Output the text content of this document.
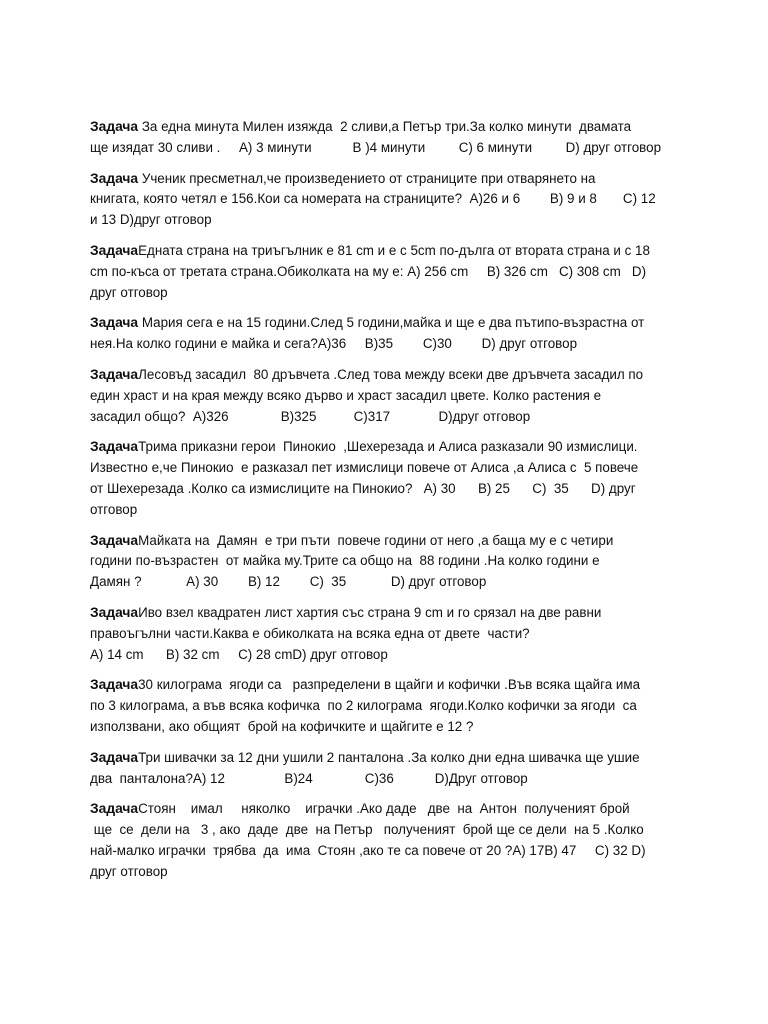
Задача За една минута Милен изяжда  2 сливи,а Петър три.За колко минути  двамата
ще изядат 30 сливи .     А) 3 минути           В )4 минути         С) 6 минути         D) друг отговор
Задача Ученик пресметнал,че произведението от страниците при отварянето на
книгата, която четял е 156.Кои са номерата на страниците?  А)26 и 6        В) 9 и 8       С) 12
и 13 D)друг отговор
ЗадачаЕдната страна на триъгълник е 81 cm и е с 5cm по-дълга от втората страна и с 18
cm по-къса от третата страна.Обиколката на му е: А) 256 cm     В) 326 cm   С) 308 cm   D)
друг отговор
Задача Мария сега е на 15 години.След 5 години,майка и ще е два пътипо-възрастна от
нея.На колко години е майка и сега?А)36     В)35        С)30        D) друг отговор
ЗадачаЛесовъд засадил  80 дръвчета .След това между всеки две дръвчета засадил по
един храст и на края между всяко дърво и храст засадил цвете. Колко растения е
засадил общо?  А)326              В)325          С)317             D)друг отговор
ЗадачаТрима приказни герои  Пинокио  ,Шехерезада и Алиса разказали 90 измислици.
Известно е,че Пинокио  е разказал пет измислици повече от Алиса ,а Алиса с  5 повече
от Шехерезада .Колко са измислиците на Пинокио?   А) 30      В) 25      С)  35      D) друг
отговор
ЗадачаМайката на  Дамян  е три пъти  повече години от него ,а баща му е с четири
години по-възрастен  от майка му.Трите са общо на  88 години .На колко години е
Дамян ?            А) 30        В) 12        С)  35            D) друг отговор
ЗадачаИво взел квадратен лист хартия със страна 9 cm и го срязал на две равни
правоъгълни части.Каква е обиколката на всяка една от двете  части?
А) 14 cm      В) 32 cm     С) 28 cmD) друг отговор
Задача30 килограма  ягоди са   разпределени в щайги и кофички .Във всяка щайга има
по 3 килограма, а във всяка кофичка  по 2 килограма  ягоди.Колко кофички за ягоди  са
използвани, ако общият  брой на кофичките и щайгите е 12 ?
ЗадачаТри шивачки за 12 дни ушили 2 панталона .За колко дни една шивачка ще ушие
два  панталона?А) 12                В)24              С)36           D)Друг отговор
ЗадачаСтоян    имал     няколко    играчки .Ако даде   две  на  Антон  полученият брой
ще  се  дели на   3 , ако  даде  две  на Петър   полученият  брой ще се дели  на 5 .Колко
най-малко играчки  трябва  да  има  Стоян ,ако те са повече от 20 ?А) 17В) 47     С) 32 D)
друг отговор
